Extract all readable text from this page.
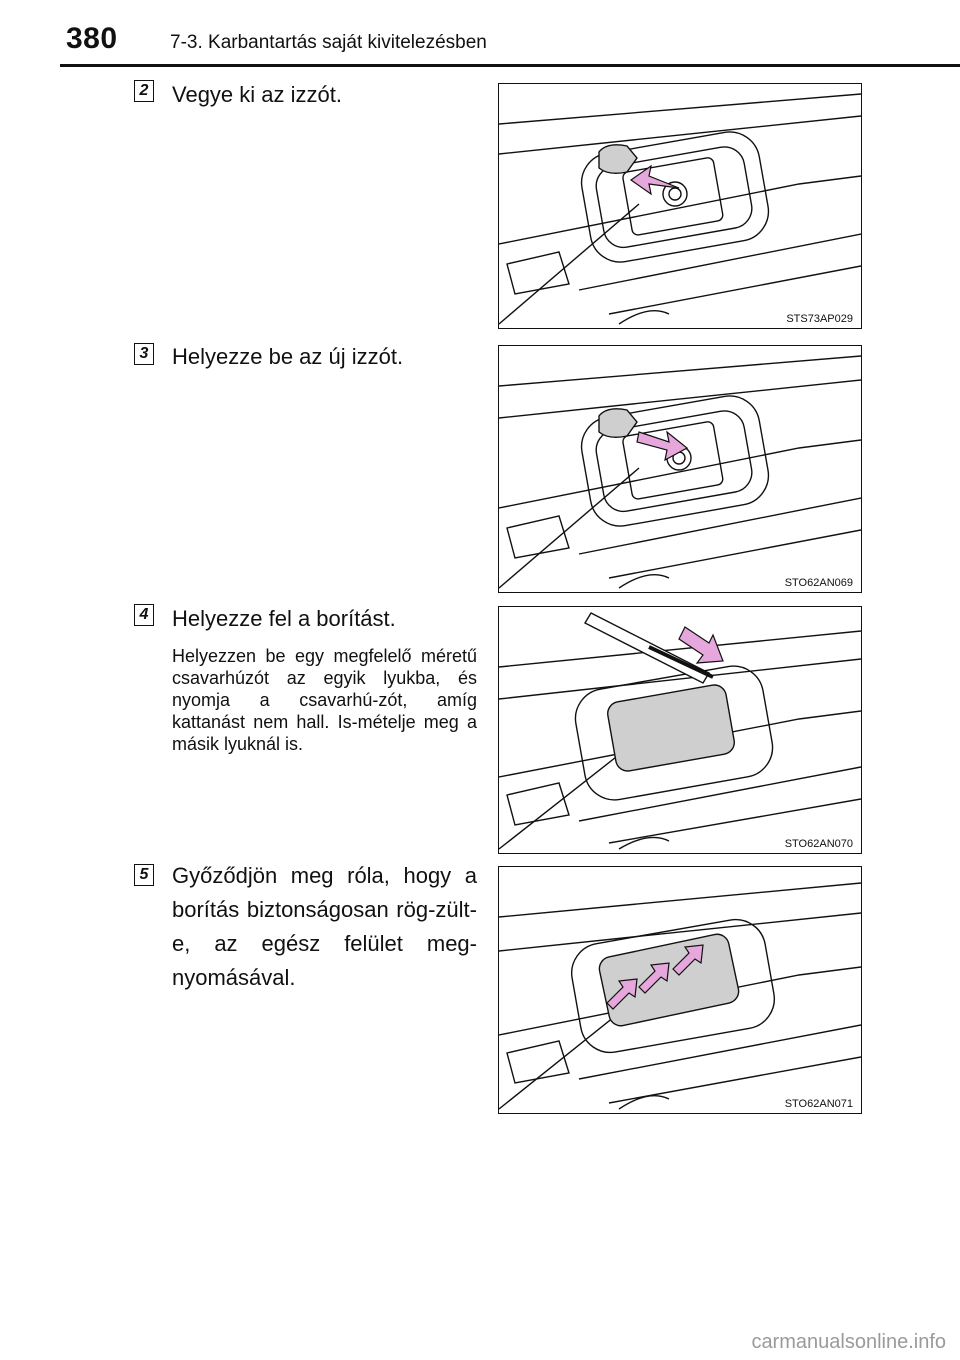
380	7-3. Karbantartás saját kivitelezésben
2 Vegye ki az izzót.
STS73AP029
3 Helyezze be az új izzót.
STO62AN069
4 Helyezze fel a borítást.
Helyezzen be egy megfelelő méretű csavarhúzót az egyik lyukba, és nyomja a csavarhú-zót, amíg kattanást nem hall. Is-mételje meg a másik lyuknál is.
STO62AN070
5 Győződjön meg róla, hogy a borítás biztonságosan rög-zült-e, az egész felület meg-nyomásával.
STO62AN071
carmanualsonline.info
